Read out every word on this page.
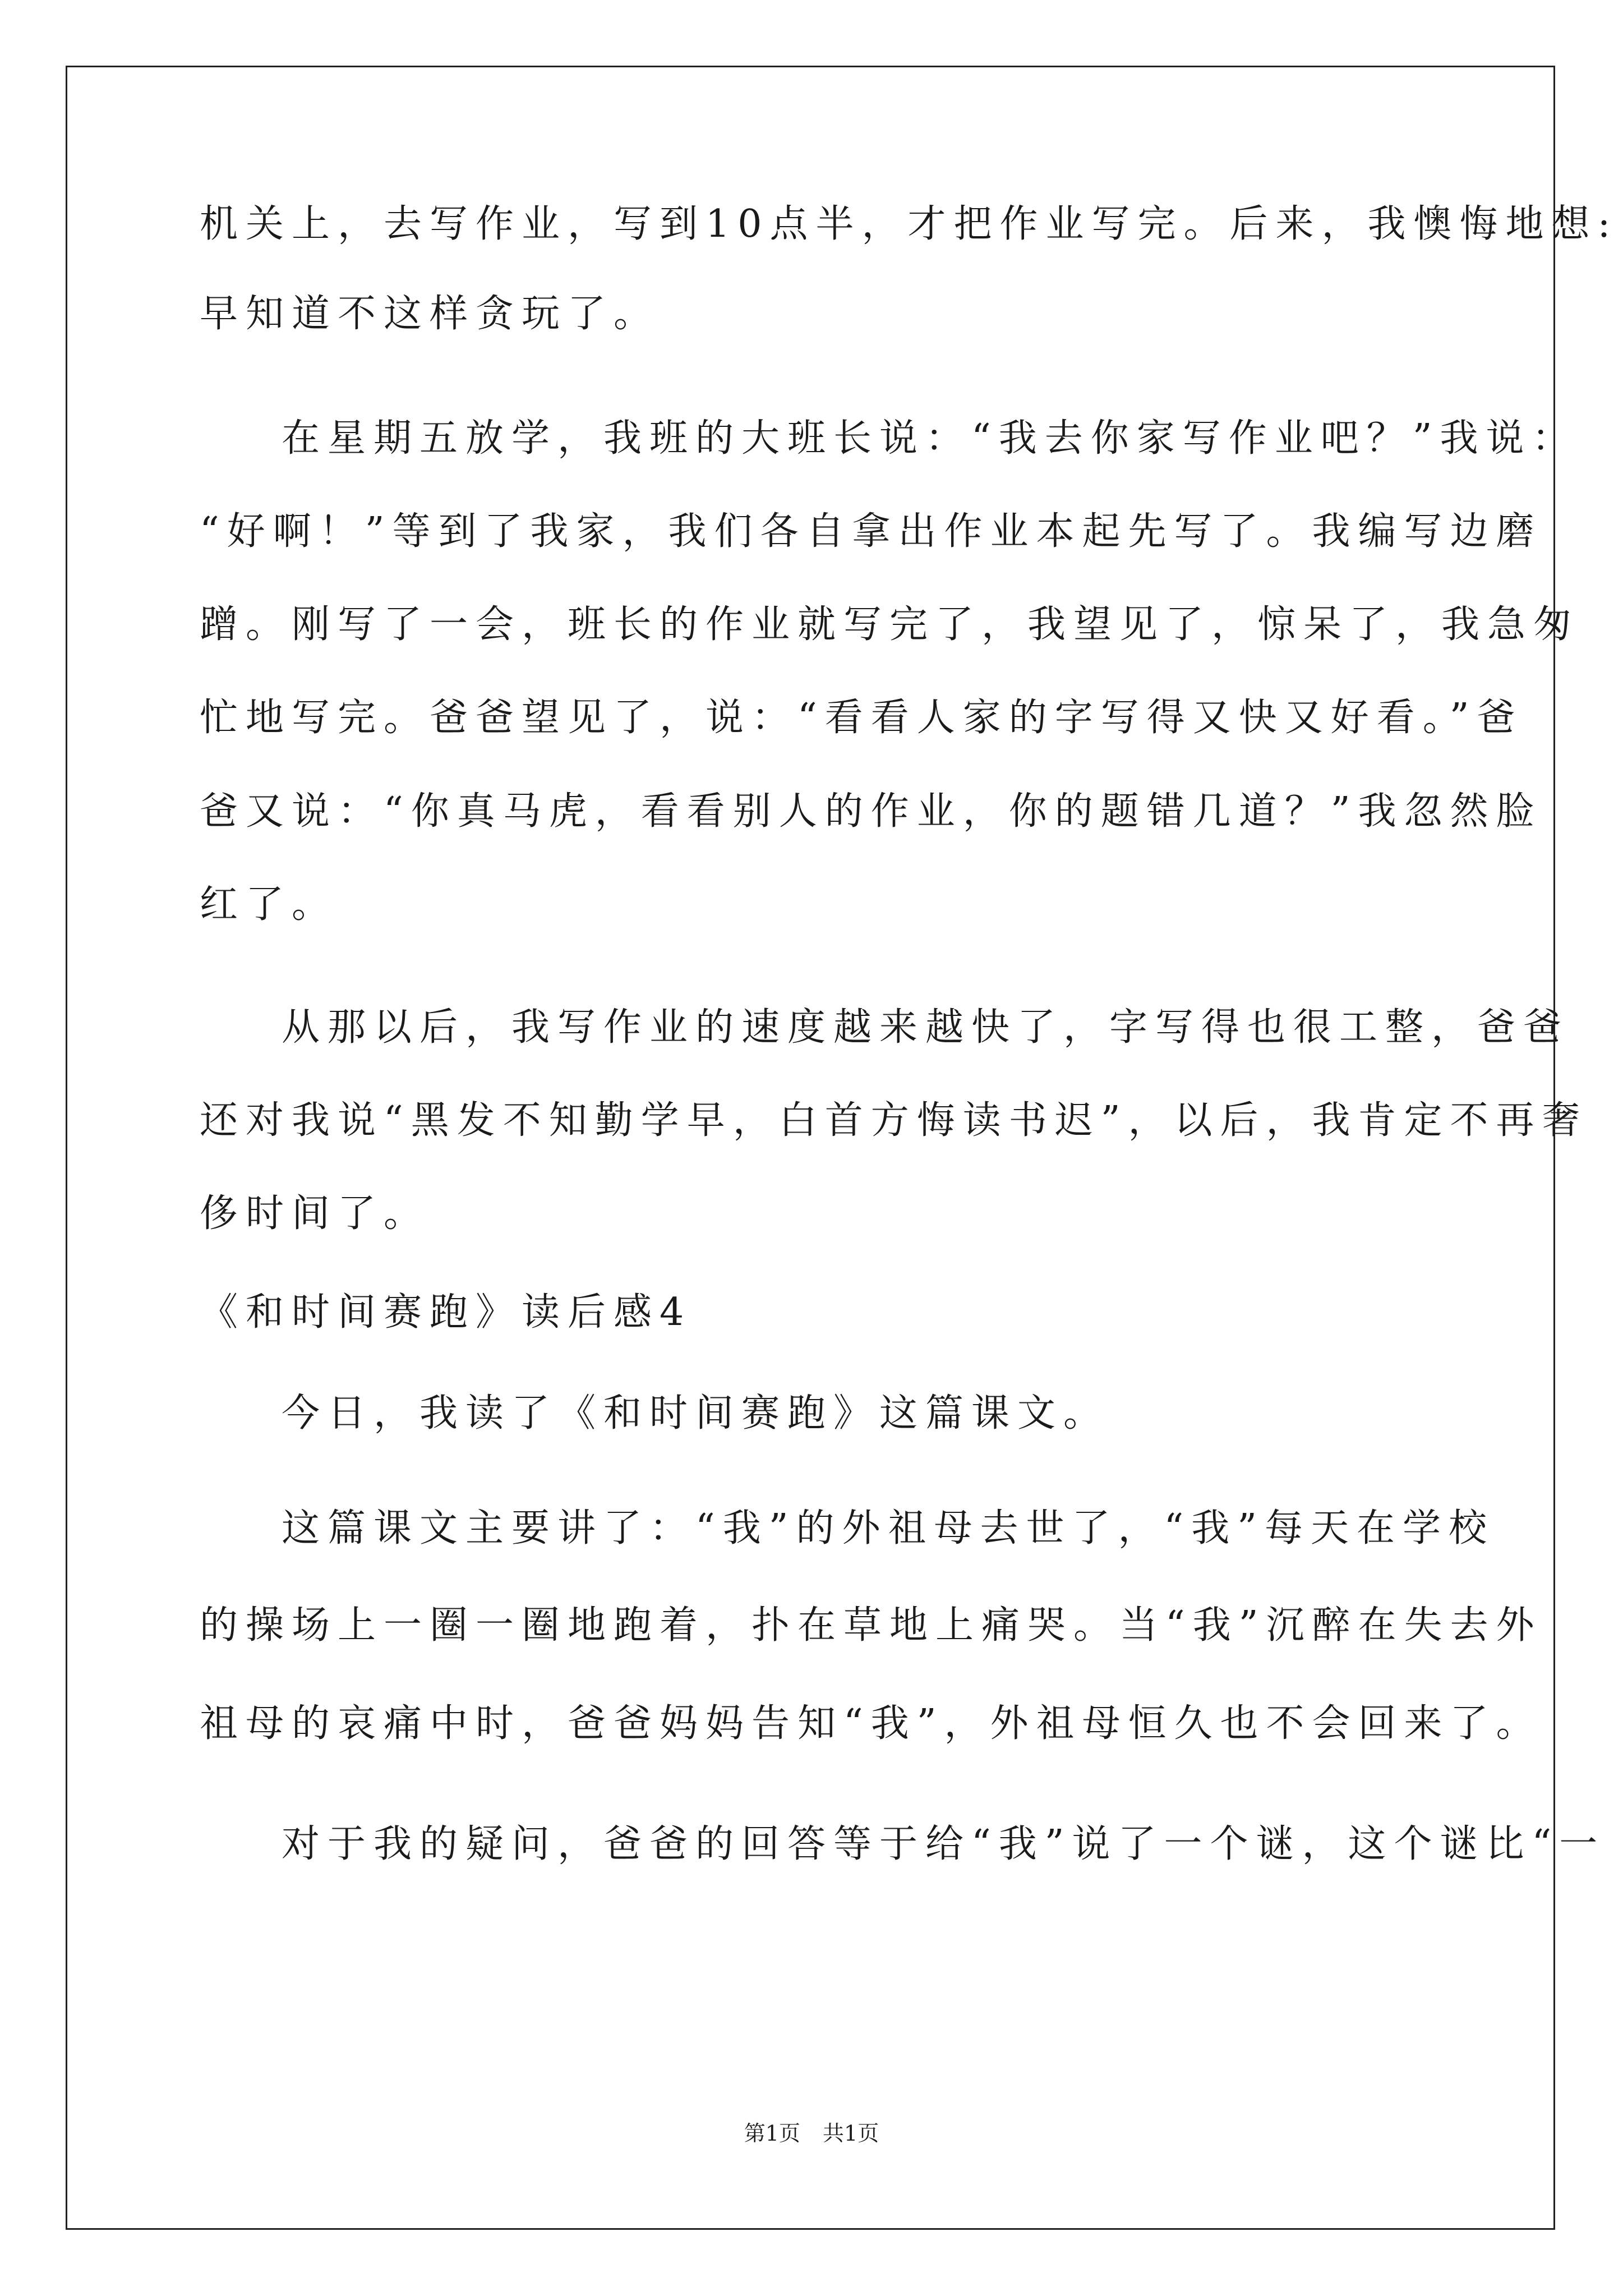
机关上，去写作业，写到10点半，才把作业写完。后来，我懊悔地想:
早知道不这样贪玩了。
在星期五放学，我班的大班长说：“我去你家写作业吧？”我说：
“好啊！”等到了我家，我们各自拿出作业本起先写了。我编写边磨
蹭。刚写了一会，班长的作业就写完了，我望见了，惊呆了，我急匆
忙地写完。爸爸望见了，说：“看看人家的字写得又快又好看。”爸
爸又说：“你真马虎，看看别人的作业，你的题错几道？”我忽然脸
红了。
从那以后，我写作业的速度越来越快了，字写得也很工整，爸爸
还对我说“黑发不知勤学早，白首方悔读书迟”，以后，我肯定不再奢
侈时间了。
《和时间赛跑》读后感4
今日，我读了《和时间赛跑》这篇课文。
这篇课文主要讲了：“我”的外祖母去世了，“我”每天在学校
的操场上一圈一圈地跑着，扑在草地上痛哭。当“我”沉醉在失去外
祖母的哀痛中时，爸爸妈妈告知“我”，外祖母恒久也不会回来了。
对于我的疑问，爸爸的回答等于给“我”说了一个谜，这个谜比“一
第1页 共1页
